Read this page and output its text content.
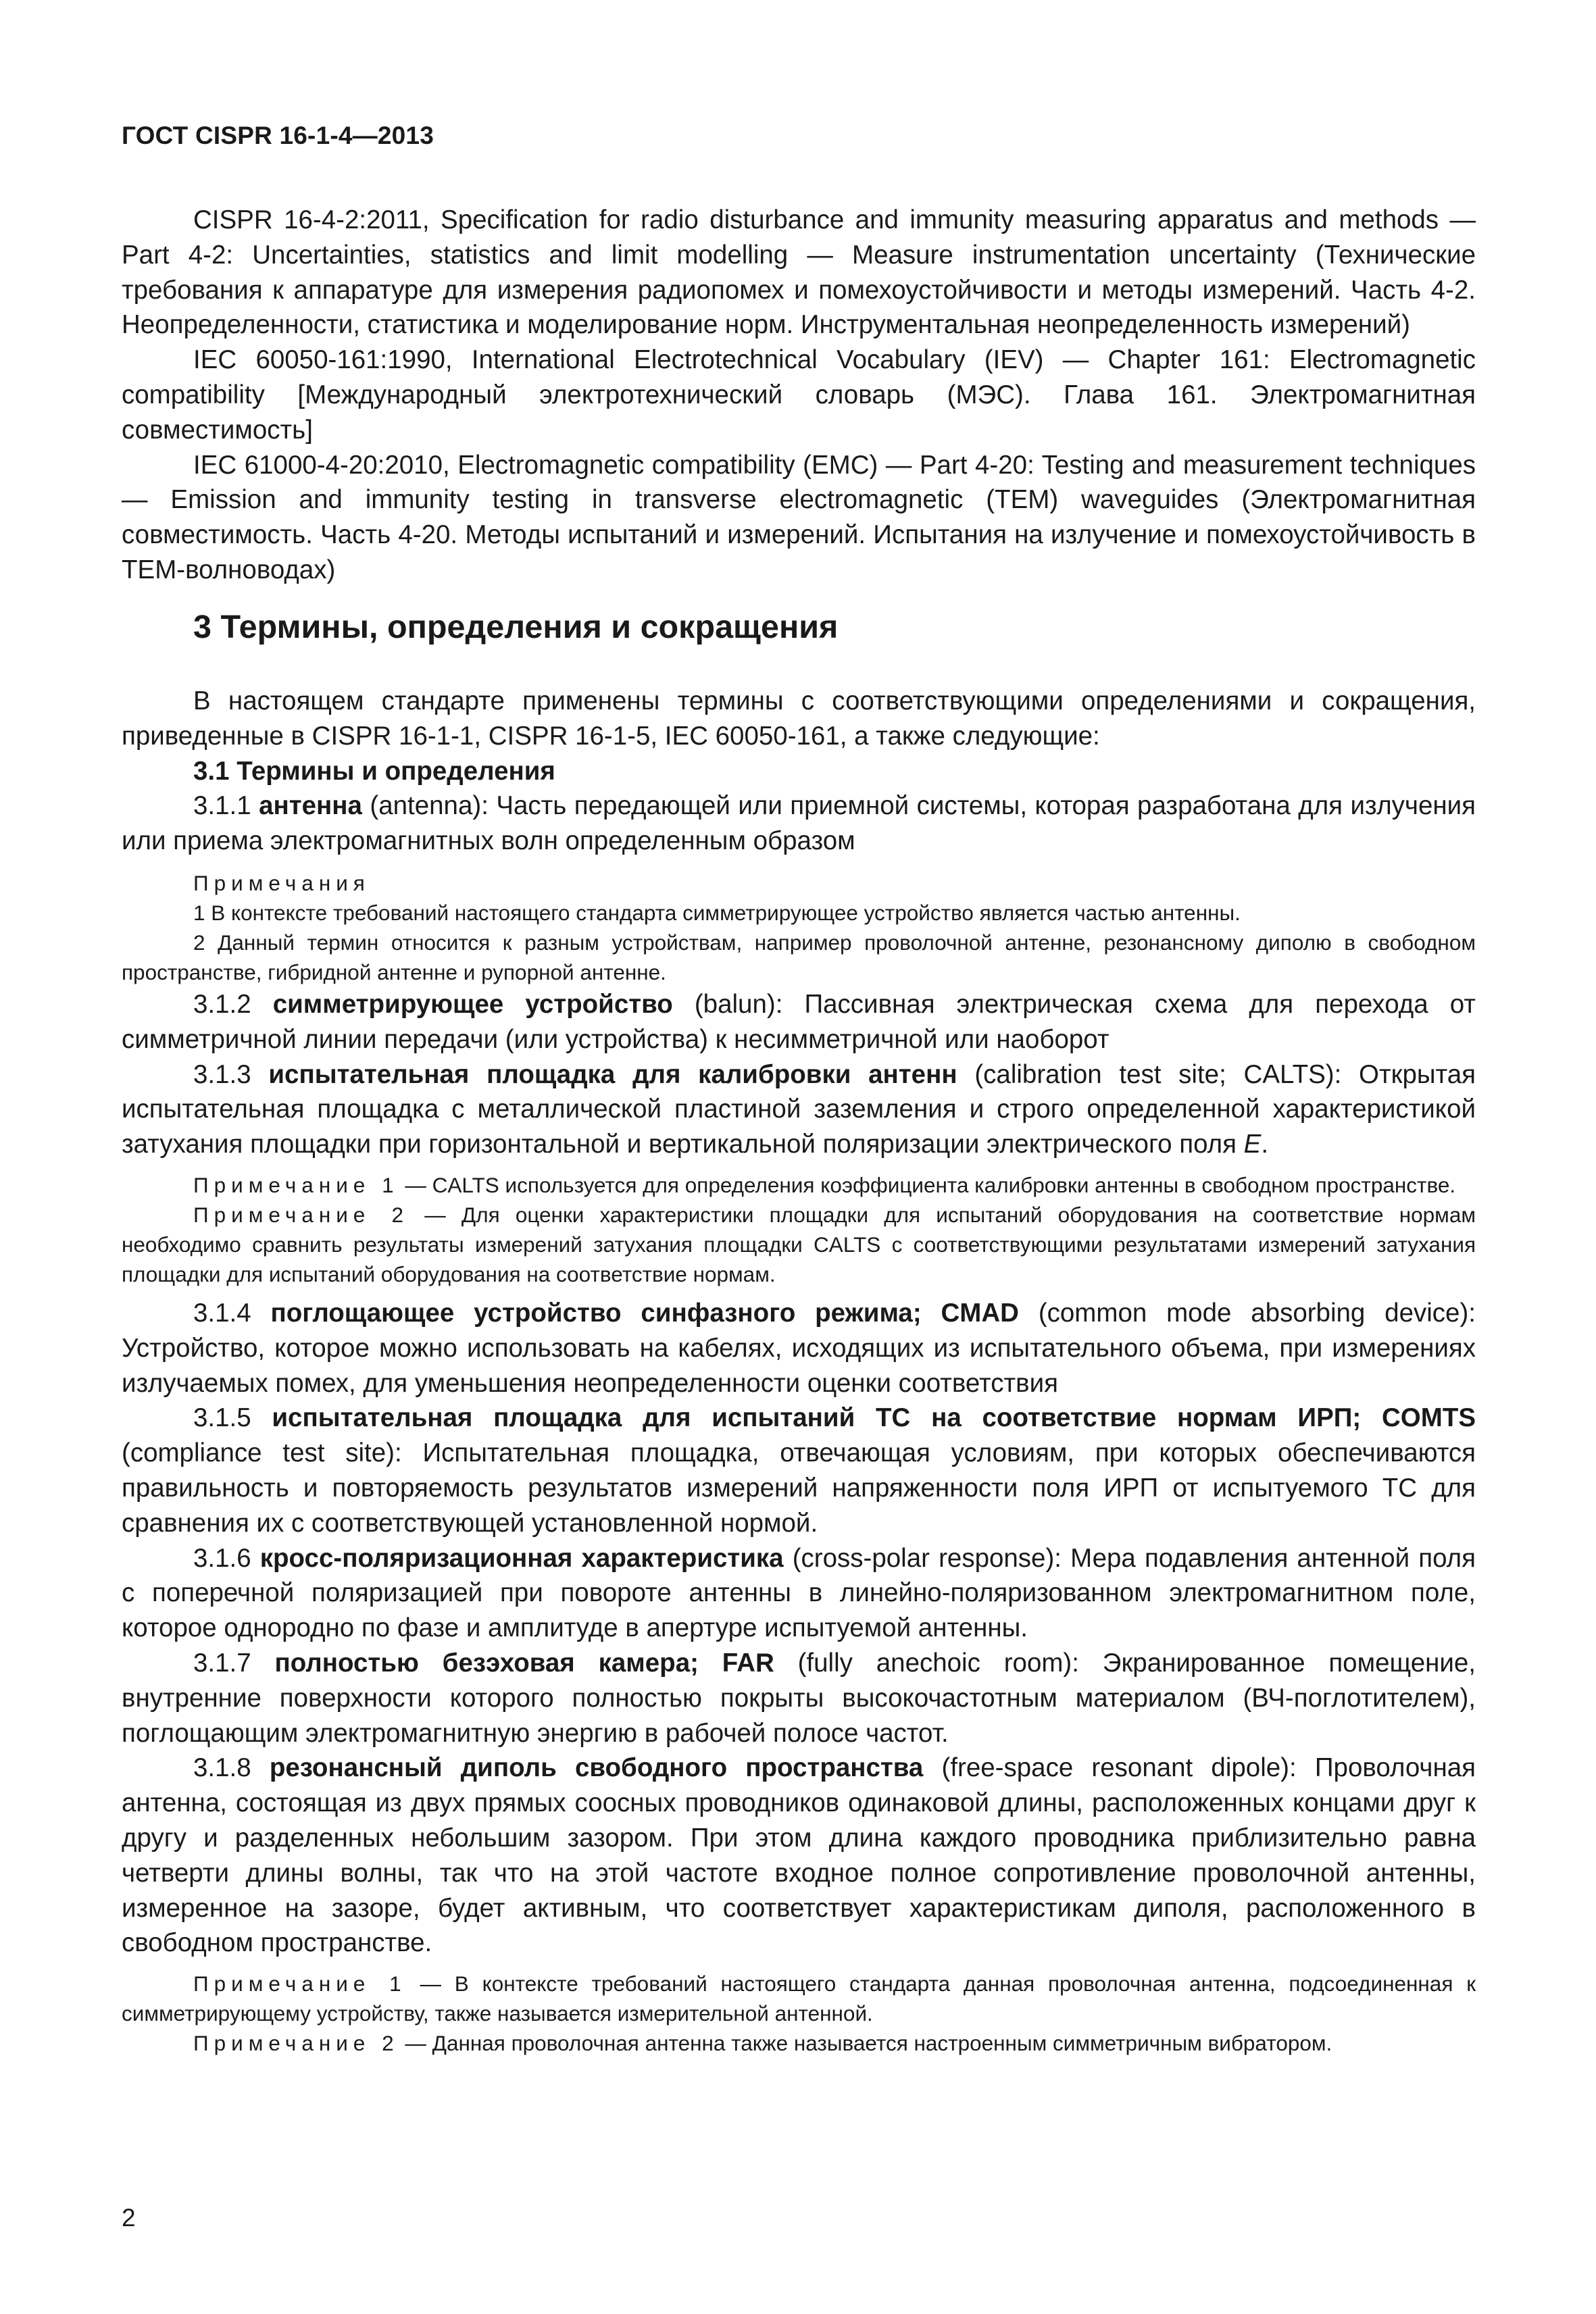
ГОСТ CISPR 16-1-4—2013

CISPR 16-4-2:2011, Specification for radio disturbance and immunity measuring apparatus and methods — Part 4-2: Uncertainties, statistics and limit modelling — Measure instrumentation uncertainty (Технические требования к аппаратуре для измерения радиопомех и помехоустойчивости и методы измерений. Часть 4-2. Неопределенности, статистика и моделирование норм. Инструментальная неопределенность измерений)

IEC 60050-161:1990, International Electrotechnical Vocabulary (IEV) — Chapter 161: Electromagnetic compatibility [Международный электротехнический словарь (МЭС). Глава 161. Электромагнитная совместимость]

IEC 61000-4-20:2010, Electromagnetic compatibility (EMC) — Part 4-20: Testing and measurement techniques — Emission and immunity testing in transverse electromagnetic (TEM) waveguides (Электромагнитная совместимость. Часть 4-20. Методы испытаний и измерений. Испытания на излучение и помехоустойчивость в ТЕМ-волноводах)

3 Термины, определения и сокращения

В настоящем стандарте применены термины с соответствующими определениями и сокращения, приведенные в CISPR 16-1-1, CISPR 16-1-5, IEC 60050-161, а также следующие:

3.1 Термины и определения

3.1.1 антенна (antenna): Часть передающей или приемной системы, которая разработана для излучения или приема электромагнитных волн определенным образом

Примечания

1 В контексте требований настоящего стандарта симметрирующее устройство является частью антенны.

2 Данный термин относится к разным устройствам, например проволочной антенне, резонансному диполю в свободном пространстве, гибридной антенне и рупорной антенне.

3.1.2 симметрирующее устройство (balun): Пассивная электрическая схема для перехода от симметричной линии передачи (или устройства) к несимметричной или наоборот

3.1.3 испытательная площадка для калибровки антенн (calibration test site; CALTS): Открытая испытательная площадка с металлической пластиной заземления и строго определенной характеристикой затухания площадки при горизонтальной и вертикальной поляризации электрического поля E.

Примечание 1 — CALTS используется для определения коэффициента калибровки антенны в свободном пространстве.

Примечание 2 — Для оценки характеристики площадки для испытаний оборудования на соответствие нормам необходимо сравнить результаты измерений затухания площадки CALTS с соответствующими результатами измерений затухания площадки для испытаний оборудования на соответствие нормам.

3.1.4 поглощающее устройство синфазного режима; CMAD (common mode absorbing device): Устройство, которое можно использовать на кабелях, исходящих из испытательного объема, при измерениях излучаемых помех, для уменьшения неопределенности оценки соответствия

3.1.5 испытательная площадка для испытаний ТС на соответствие нормам ИРП; COMTS (compliance test site): Испытательная площадка, отвечающая условиям, при которых обеспечиваются правильность и повторяемость результатов измерений напряженности поля ИРП от испытуемого ТС для сравнения их с соответствующей установленной нормой.

3.1.6 кросс-поляризационная характеристика (cross-polar response): Мера подавления антенной поля с поперечной поляризацией при повороте антенны в линейно-поляризованном электромагнитном поле, которое однородно по фазе и амплитуде в апертуре испытуемой антенны.

3.1.7 полностью безэховая камера; FAR (fully anechoic room): Экранированное помещение, внутренние поверхности которого полностью покрыты высокочастотным материалом (ВЧ-поглотителем), поглощающим электромагнитную энергию в рабочей полосе частот.

3.1.8 резонансный диполь свободного пространства (free-space resonant dipole): Проволочная антенна, состоящая из двух прямых соосных проводников одинаковой длины, расположенных концами друг к другу и разделенных небольшим зазором. При этом длина каждого проводника приблизительно равна четверти длины волны, так что на этой частоте входное полное сопротивление проволочной антенны, измеренное на зазоре, будет активным, что соответствует характеристикам диполя, расположенного в свободном пространстве.

Примечание 1 — В контексте требований настоящего стандарта данная проволочная антенна, подсоединенная к симметрирующему устройству, также называется измерительной антенной.

Примечание 2 — Данная проволочная антенна также называется настроенным симметричным вибратором.

2
